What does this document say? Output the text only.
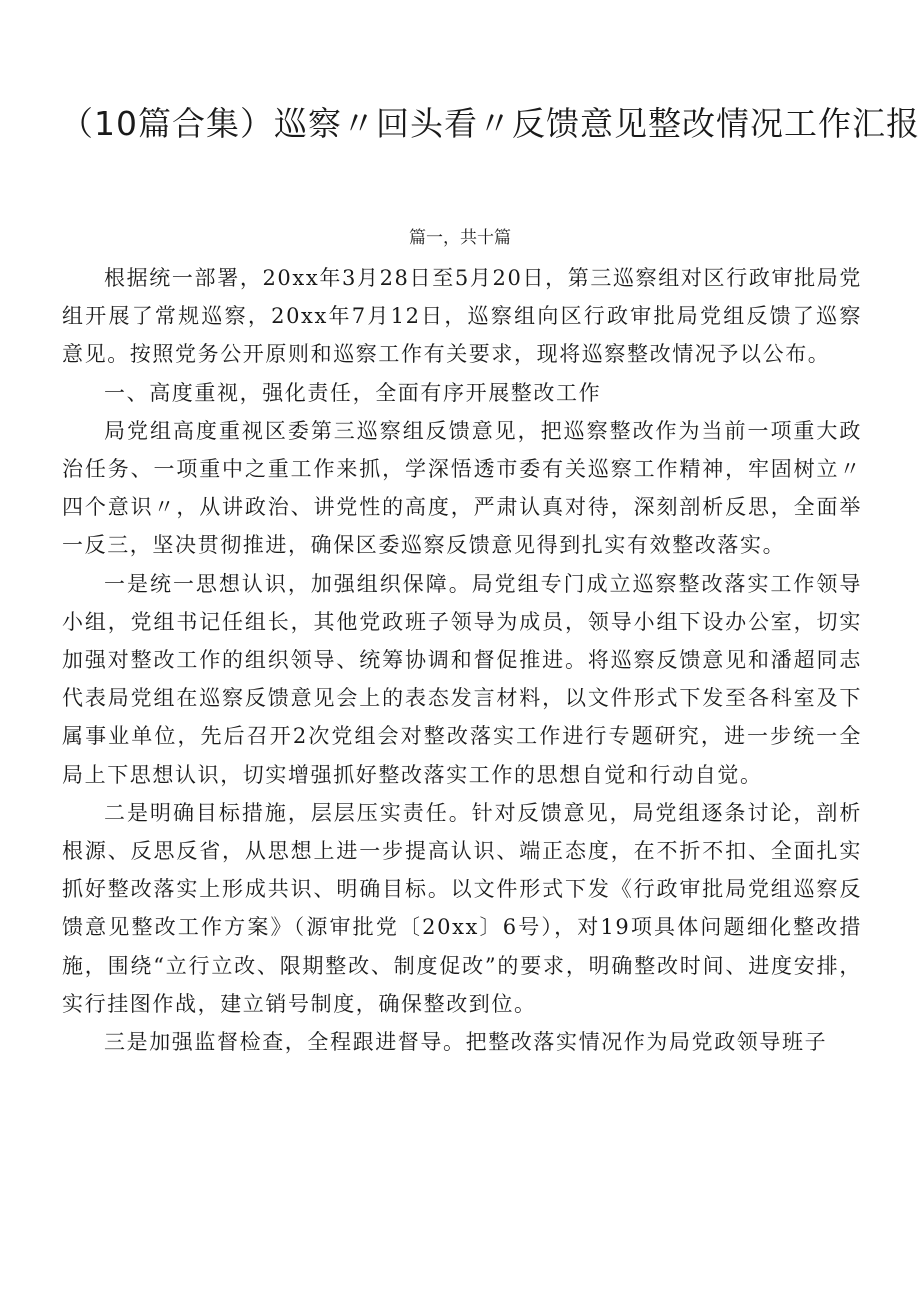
（10篇合集）巡察〃回头看〃反馈意见整改情况工作汇报
篇一，共十篇

根据统一部署，20xx年3月28日至5月20日，第三巡察组对区行政审批局党组开展了常规巡察，20xx年7月12日，巡察组向区行政审批局党组反馈了巡察意见。按照党务公开原则和巡察工作有关要求，现将巡察整改情况予以公布。

一、高度重视，强化责任，全面有序开展整改工作

局党组高度重视区委第三巡察组反馈意见，把巡察整改作为当前一项重大政治任务、一项重中之重工作来抓，学深悟透市委有关巡察工作精神，牢固树立〃四个意识〃，从讲政治、讲党性的高度，严肃认真对待，深刻剖析反思，全面举一反三，坚决贯彻推进，确保区委巡察反馈意见得到扎实有效整改落实。

一是统一思想认识，加强组织保障。局党组专门成立巡察整改落实工作领导小组，党组书记任组长，其他党政班子领导为成员，领导小组下设办公室，切实加强对整改工作的组织领导、统筹协调和督促推进。将巡察反馈意见和潘超同志代表局党组在巡察反馈意见会上的表态发言材料，以文件形式下发至各科室及下属事业单位，先后召开2次党组会对整改落实工作进行专题研究，进一步统一全局上下思想认识，切实增强抓好整改落实工作的思想自觉和行动自觉。

二是明确目标措施，层层压实责任。针对反馈意见，局党组逐条讨论，剖析根源、反思反省，从思想上进一步提高认识、端正态度，在不折不扣、全面扎实抓好整改落实上形成共识、明确目标。以文件形式下发《行政审批局党组巡察反馈意见整改工作方案》（源审批党〔20xx〕6号），对19项具体问题细化整改措施，围绕“立行立改、限期整改、制度促改”的要求，明确整改时间、进度安排，实行挂图作战，建立销号制度，确保整改到位。

三是加强监督检查，全程跟进督导。把整改落实情况作为局党政领导班子
